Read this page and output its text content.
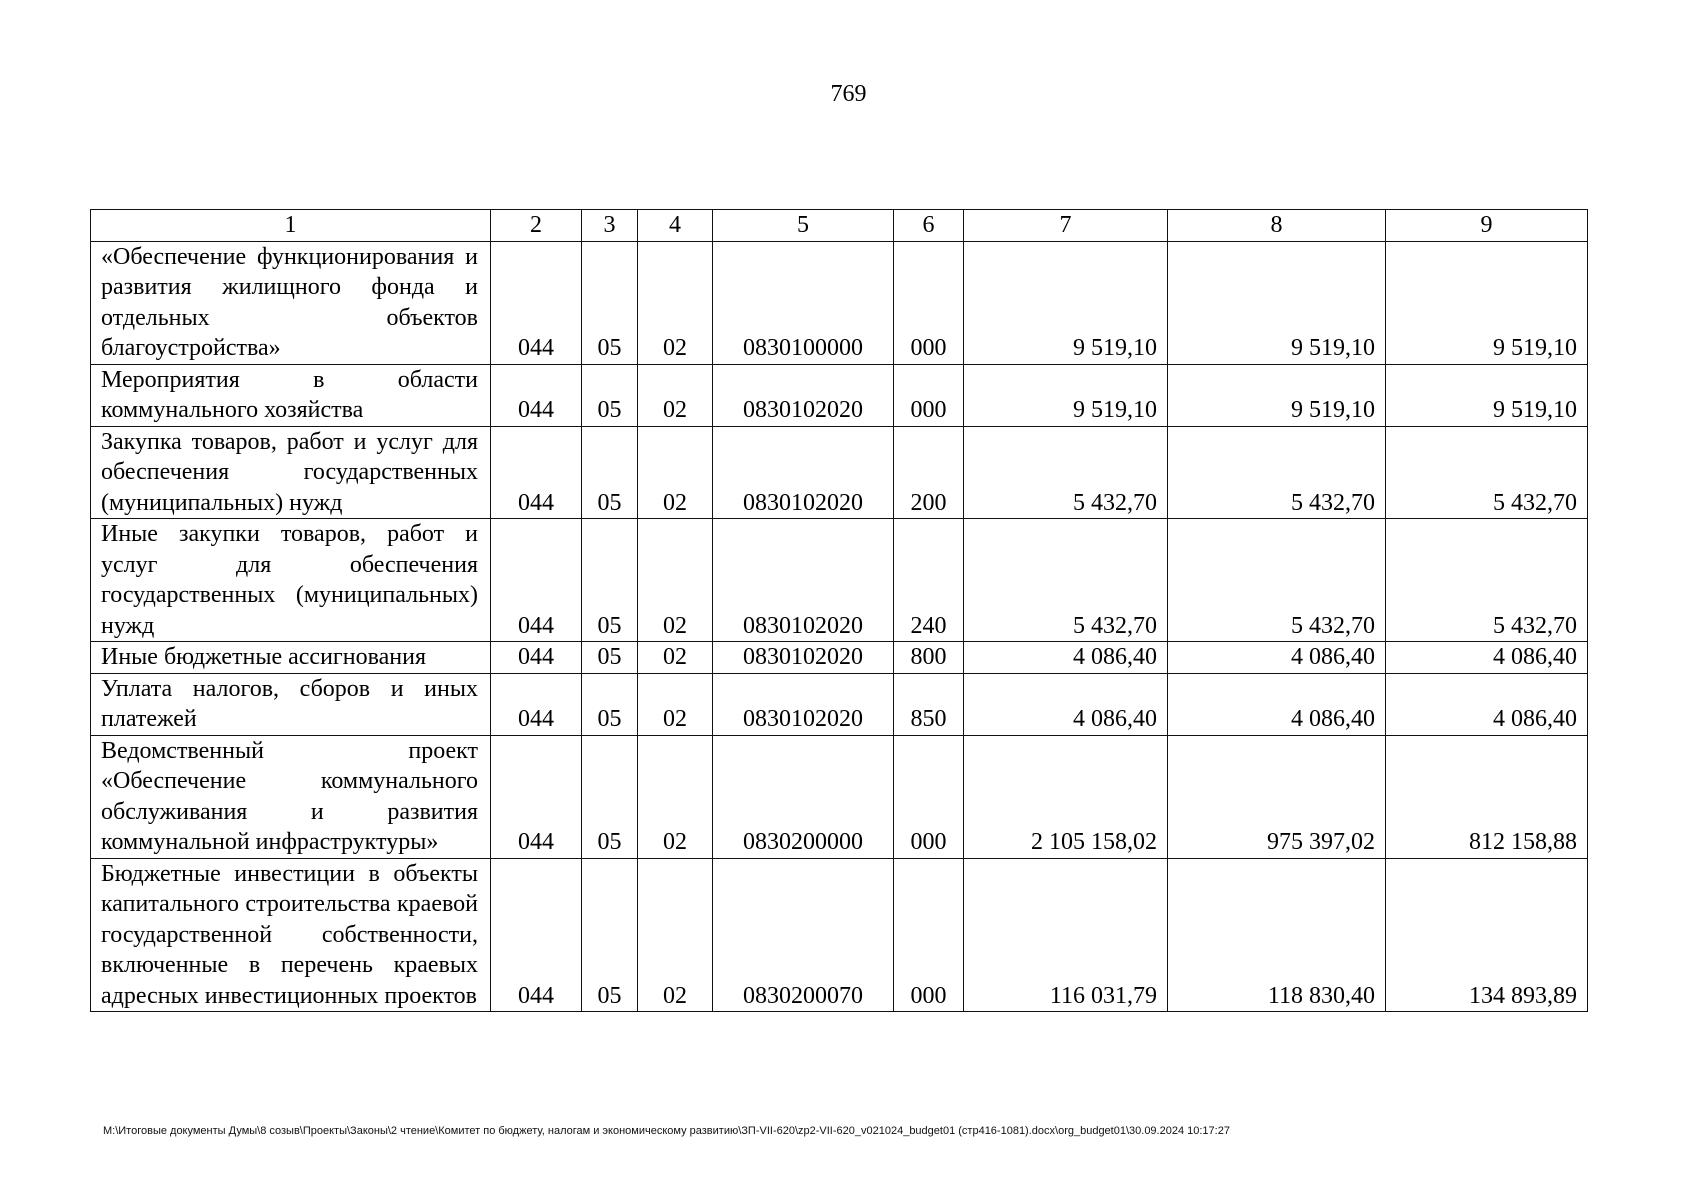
769
1	2	3	4	5	6	7	8	9
«Обеспечение функционирования и развития жилищного фонда и отдельных объектов благоустройства»	044	05	02	0830100000	000	9 519,10	9 519,10	9 519,10
Мероприятия в области коммунального хозяйства	044	05	02	0830102020	000	9 519,10	9 519,10	9 519,10
Закупка товаров, работ и услуг для обеспечения государственных (муниципальных) нужд	044	05	02	0830102020	200	5 432,70	5 432,70	5 432,70
Иные закупки товаров, работ и услуг для обеспечения государственных (муниципальных) нужд	044	05	02	0830102020	240	5 432,70	5 432,70	5 432,70
Иные бюджетные ассигнования	044	05	02	0830102020	800	4 086,40	4 086,40	4 086,40
Уплата налогов, сборов и иных платежей	044	05	02	0830102020	850	4 086,40	4 086,40	4 086,40
Ведомственный проект «Обеспечение коммунального обслуживания и развития коммунальной инфраструктуры»	044	05	02	0830200000	000	2 105 158,02	975 397,02	812 158,88
Бюджетные инвестиции в объекты капитального строительства краевой государственной собственности, включенные в перечень краевых адресных инвестиционных проектов	044	05	02	0830200070	000	116 031,79	118 830,40	134 893,89
M:\Итоговые документы Думы\8 созыв\Проекты\Законы\2 чтение\Комитет по бюджету, налогам и экономическому развитию\ЗП-VII-620\zp2-VII-620_v021024_budget01 (стр416-1081).docx\org_budget01\30.09.2024 10:17:27
